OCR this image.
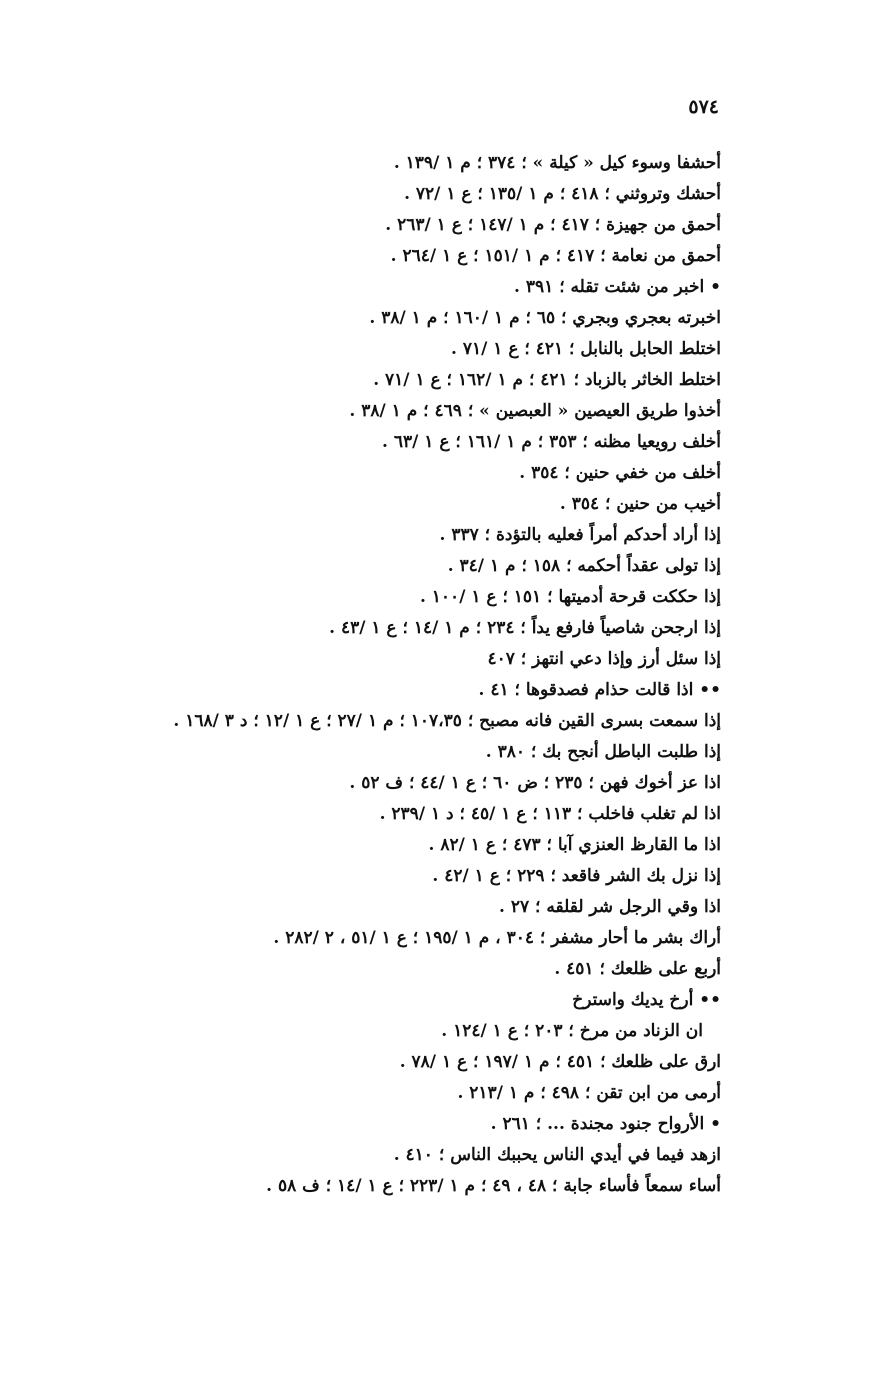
٥٧٤
أحشفا وسوء كيل « كيلة » ؛ ٣٧٤ ؛ م ١ /١٣٩ .
أحشك وتروثني ؛ ٤١٨ ؛ م ١ /١٣٥ ؛ ع ١ /٧٢ .
أحمق من جهيزة ؛ ٤١٧ ؛ م ١ /١٤٧ ؛ ع ١ /٢٦٣ .
أحمق من نعامة ؛ ٤١٧ ؛ م ١ /١٥١ ؛ ع ١ /٢٦٤ .
• اخبر من شئت تقله ؛ ٣٩١ .
اخبرته بعجري وبجري ؛ ٦٥ ؛ م ١ /١٦٠ ؛ م ١ /٣٨ .
اختلط الحابل بالنابل ؛ ٤٢١ ؛ ع ١ /٧١ .
اختلط الخاثر بالزباد ؛ ٤٢١ ؛ م ١ /١٦٢ ؛ ع ١ /٧١ .
أخذوا طريق العيصين « العبصين » ؛ ٤٦٩ ؛ م ١ /٣٨ .
أخلف رويعيا مظنه ؛ ٣٥٣ ؛ م ١ /١٦١ ؛ ع ١ /٦٣ .
أخلف من خفي حنين ؛ ٣٥٤ .
أخيب من حنين ؛ ٣٥٤ .
إذا أراد أحدكم أمراً فعليه بالتؤدة ؛ ٣٣٧ .
إذا تولى عقداً أحكمه ؛ ١٥٨ ؛ م ١ /٣٤ .
إذا حككت قرحة أدميتها ؛ ١٥١ ؛ ع ١ /١٠٠ .
إذا ارجحن شاصياً فارفع يداً ؛ ٢٣٤ ؛ م ١ /١٤ ؛ ع ١ /٤٣ .
إذا سئل أرز وإذا دعي انتهز ؛ ٤٠٧
•• اذا قالت حذام فصدقوها ؛ ٤١ .
إذا سمعت بسرى القين فانه مصبح ؛ ١٠٧،٣٥ ؛ م ١ /٢٧ ؛ ع ١ /١٢ ؛ د ٣ /١٦٨ .
إذا طلبت الباطل أنجح بك ؛ ٣٨٠ .
اذا عز أخوك فهن ؛ ٢٣٥ ؛ ض ٦٠ ؛ ع ١ /٤٤ ؛ ف ٥٢ .
اذا لم تغلب فاخلب ؛ ١١٣ ؛ ع ١ /٤٥ ؛ د ١ /٢٣٩ .
اذا ما القارظ العنزي آبا ؛ ٤٧٣ ؛ ع ١ /٨٢ .
إذا نزل بك الشر فاقعد ؛ ٢٢٩ ؛ ع ١ /٤٢ .
اذا وقي الرجل شر لقلقه ؛ ٢٧ .
أراك بشر ما أحار مشفر ؛ ٣٠٤ ، م ١ /١٩٥ ؛ ع ١ /٥١ ، ٢ /٢٨٢ .
أربع على ظلعك ؛ ٤٥١ .
•• أرخ يديك واسترخ
ان الزناد من مرخ ؛ ٢٠٣ ؛ ع ١ /١٢٤ .
ارق على ظلعك ؛ ٤٥١ ؛ م ١ /١٩٧ ؛ ع ١ /٧٨ .
أرمى من ابن تقن ؛ ٤٩٨ ؛ م ١ /٢١٣ .
• الأرواح جنود مجندة ... ؛ ٢٦١ .
ازهد فيما في أيدي الناس يحببك الناس ؛ ٤١٠ .
أساء سمعاً فأساء جابة ؛ ٤٨ ، ٤٩ ؛ م ١ /٢٢٣ ؛ ع ١ /١٤ ؛ ف ٥٨ .
